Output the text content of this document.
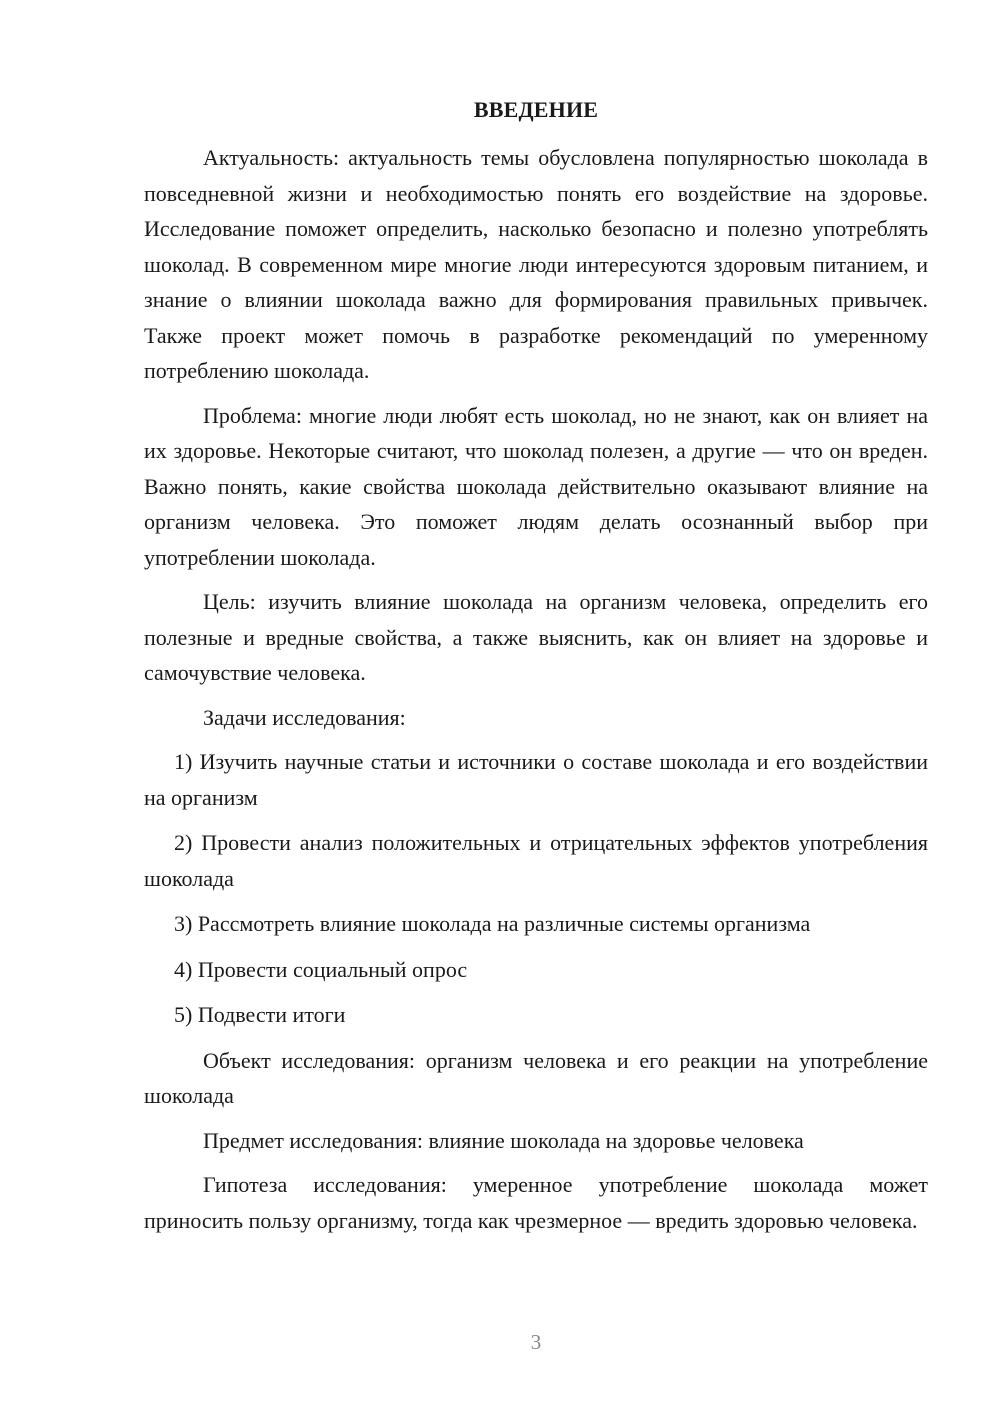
ВВЕДЕНИЕ

Актуальность: актуальность темы обусловлена популярностью шоколада в повседневной жизни и необходимостью понять его воздействие на здоровье. Исследование поможет определить, насколько безопасно и полезно употреблять шоколад. В современном мире многие люди интересуются здоровым питанием, и знание о влиянии шоколада важно для формирования правильных привычек. Также проект может помочь в разработке рекомендаций по умеренному потреблению шоколада.

Проблема: многие люди любят есть шоколад, но не знают, как он влияет на их здоровье. Некоторые считают, что шоколад полезен, а другие — что он вреден. Важно понять, какие свойства шоколада действительно оказывают влияние на организм человека. Это поможет людям делать осознанный выбор при употреблении шоколада.

Цель: изучить влияние шоколада на организм человека, определить его полезные и вредные свойства, а также выяснить, как он влияет на здоровье и самочувствие человека.

Задачи исследования:

1) Изучить научные статьи и источники о составе шоколада и его воздействии на организм

2) Провести анализ положительных и отрицательных эффектов употребления шоколада

3) Рассмотреть влияние шоколада на различные системы организма

4) Провести социальный опрос

5) Подвести итоги

Объект исследования: организм человека и его реакции на употребление шоколада

Предмет исследования: влияние шоколада на здоровье человека

Гипотеза исследования: умеренное употребление шоколада может приносить пользу организму, тогда как чрезмерное — вредить здоровью человека.

3
